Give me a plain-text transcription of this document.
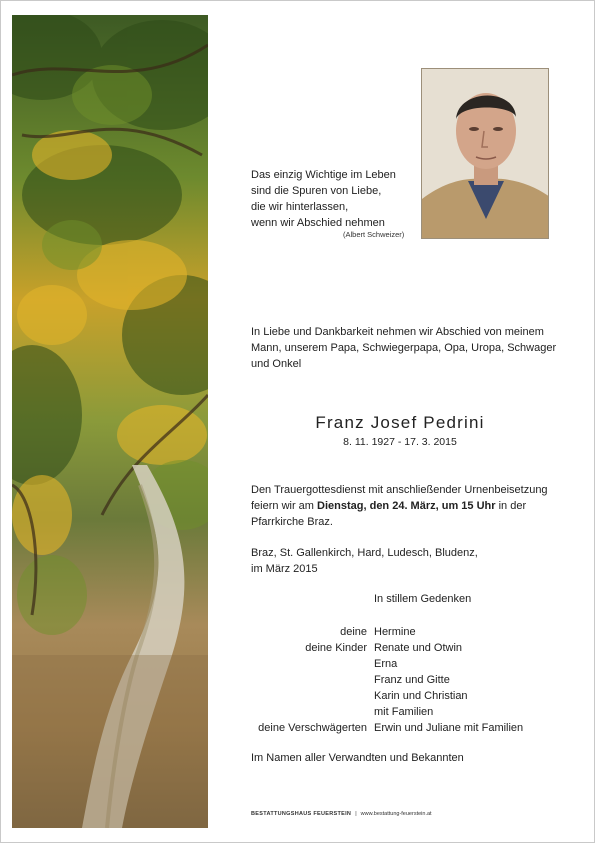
Das einzig Wichtige im Leben
sind die Spuren von Liebe,
die wir hinterlassen,
wenn wir Abschied nehmen
(Albert Schweizer)
In Liebe und Dankbarkeit nehmen wir Abschied von meinem Mann, unserem Papa, Schwiegerpapa, Opa, Uropa, Schwager und Onkel
Franz Josef Pedrini
8. 11. 1927 - 17. 3. 2015
Den Trauergottesdienst mit anschließender Urnenbeisetzung feiern wir am Dienstag, den 24. März, um 15 Uhr in der Pfarrkirche Braz.
Braz, St. Gallenkirch, Hard, Ludesch, Bludenz,
im März 2015
In stillem Gedenken
deine Hermine
deine Kinder Renate und Otwin
Erna
Franz und Gitte
Karin und Christian
mit Familien
deine Verschwägerten Erwin und Juliane mit Familien
Im Namen aller Verwandten und Bekannten
BESTATTUNGSHAUS FEUERSTEIN | www.bestattung-feuerstein.at
